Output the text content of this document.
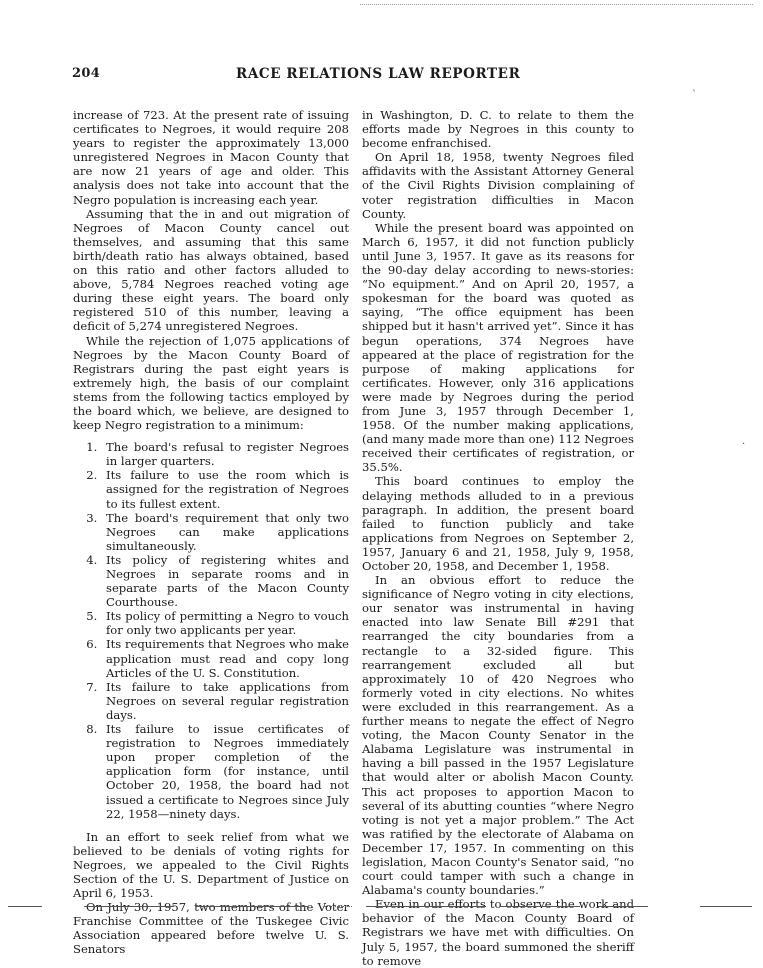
204	RACE RELATIONS LAW REPORTER
`
.

increase of 723. At the present rate of issuing certificates to Negroes, it would require 208 years to register the approximately 13,000 unregistered Negroes in Macon County that are now 21 years of age and older. This analysis does not take into account that the Negro population is increasing each year.

Assuming that the in and out migration of Negroes of Macon County cancel out themselves, and assuming that this same birth/death ratio has always obtained, based on this ratio and other factors alluded to above, 5,784 Negroes reached voting age during these eight years. The board only registered 510 of this number, leaving a deficit of 5,274 unregistered Negroes.

While the rejection of 1,075 applications of Negroes by the Macon County Board of Registrars during the past eight years is extremely high, the basis of our complaint stems from the following tactics employed by the board which, we believe, are designed to keep Negro registration to a minimum:

1. The board's refusal to register Negroes in larger quarters.
2. Its failure to use the room which is assigned for the registration of Negroes to its fullest extent.
3. The board's requirement that only two Negroes can make applications simultaneously.
4. Its policy of registering whites and Negroes in separate rooms and in separate parts of the Macon County Courthouse.
5. Its policy of permitting a Negro to vouch for only two applicants per year.
6. Its requirements that Negroes who make application must read and copy long Articles of the U. S. Constitution.
7. Its failure to take applications from Negroes on several regular registration days.
8. Its failure to issue certificates of registration to Negroes immediately upon proper completion of the application form (for instance, until October 20, 1958, the board had not issued a certificate to Negroes since July 22, 1958—ninety days.

In an effort to seek relief from what we believed to be denials of voting rights for Negroes, we appealed to the Civil Rights Section of the U. S. Department of Justice on April 6, 1953.

On July 30, 1957, two members of the Voter Franchise Committee of the Tuskegee Civic Association appeared before twelve U. S. Senators

in Washington, D. C. to relate to them the efforts made by Negroes in this county to become enfranchised.

On April 18, 1958, twenty Negroes filed affidavits with the Assistant Attorney General of the Civil Rights Division complaining of voter registration difficulties in Macon County.

While the present board was appointed on March 6, 1957, it did not function publicly until June 3, 1957. It gave as its reasons for the 90-day delay according to news-stories: “No equipment.” And on April 20, 1957, a spokesman for the board was quoted as saying, “The office equipment has been shipped but it hasn't arrived yet”. Since it has begun operations, 374 Negroes have appeared at the place of registration for the purpose of making applications for certificates. However, only 316 applications were made by Negroes during the period from June 3, 1957 through December 1, 1958. Of the number making applications, (and many made more than one) 112 Negroes received their certificates of registration, or 35.5%.

This board continues to employ the delaying methods alluded to in a previous paragraph. In addition, the present board failed to function publicly and take applications from Negroes on September 2, 1957, January 6 and 21, 1958, July 9, 1958, October 20, 1958, and December 1, 1958.

In an obvious effort to reduce the significance of Negro voting in city elections, our senator was instrumental in having enacted into law Senate Bill #291 that rearranged the city boundaries from a rectangle to a 32-sided figure. This rearrangement excluded all but approximately 10 of 420 Negroes who formerly voted in city elections. No whites were excluded in this rearrangement. As a further means to negate the effect of Negro voting, the Macon County Senator in the Alabama Legislature was instrumental in having a bill passed in the 1957 Legislature that would alter or abolish Macon County. This act proposes to apportion Macon to several of its abutting counties “where Negro voting is not yet a major problem.” The Act was ratified by the electorate of Alabama on December 17, 1957. In commenting on this legislation, Macon County's Senator said, “no court could tamper with such a change in Alabama's county boundaries.”

Even in our efforts to observe the work and behavior of the Macon County Board of Registrars we have met with difficulties. On July 5, 1957, the board summoned the sheriff to remove
